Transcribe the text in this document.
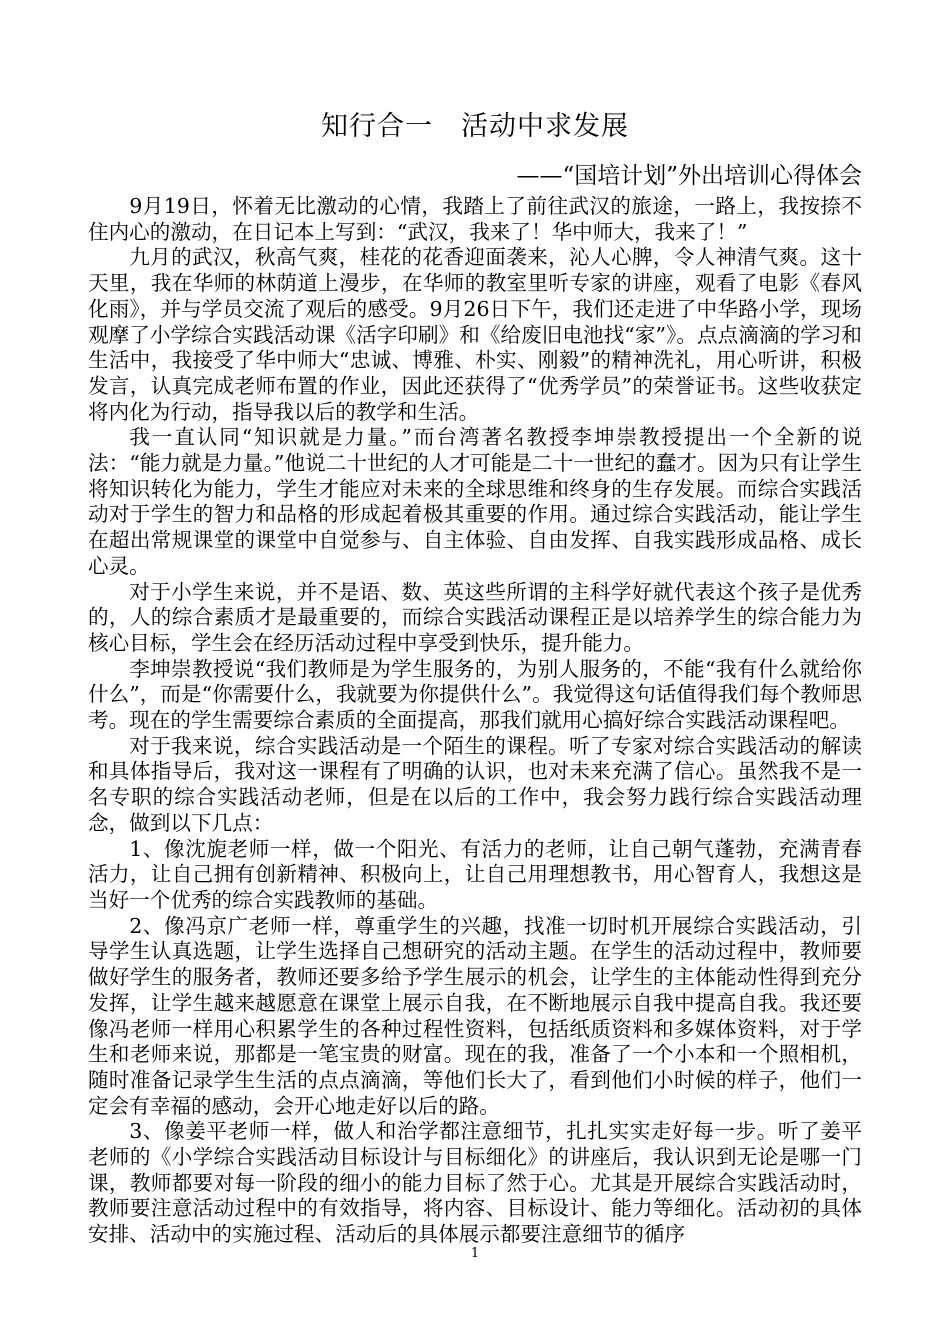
知行合一　活动中求发展
——“国培计划”外出培训心得体会

9月19日，怀着无比激动的心情，我踏上了前往武汉的旅途，一路上，我按捺不住内心的激动，在日记本上写到：“武汉，我来了！华中师大，我来了！”

九月的武汉，秋高气爽，桂花的花香迎面袭来，沁人心脾，令人神清气爽。这十天里，我在华师的林荫道上漫步，在华师的教室里听专家的讲座，观看了电影《春风化雨》，并与学员交流了观后的感受。9月26日下午，我们还走进了中华路小学，现场观摩了小学综合实践活动课《活字印刷》和《给废旧电池找“家”》。点点滴滴的学习和生活中，我接受了华中师大“忠诚、博雅、朴实、刚毅”的精神洗礼，用心听讲，积极发言，认真完成老师布置的作业，因此还获得了“优秀学员”的荣誉证书。这些收获定将内化为行动，指导我以后的教学和生活。

我一直认同“知识就是力量。”而台湾著名教授李坤崇教授提出一个全新的说法：“能力就是力量。”他说二十世纪的人才可能是二十一世纪的蠢才。因为只有让学生将知识转化为能力，学生才能应对未来的全球思维和终身的生存发展。而综合实践活动对于学生的智力和品格的形成起着极其重要的作用。通过综合实践活动，能让学生在超出常规课堂的课堂中自觉参与、自主体验、自由发挥、自我实践形成品格、成长心灵。

对于小学生来说，并不是语、数、英这些所谓的主科学好就代表这个孩子是优秀的，人的综合素质才是最重要的，而综合实践活动课程正是以培养学生的综合能力为核心目标，学生会在经历活动过程中享受到快乐，提升能力。

李坤崇教授说“我们教师是为学生服务的，为别人服务的，不能“我有什么就给你什么”，而是“你需要什么，我就要为你提供什么”。我觉得这句话值得我们每个教师思考。现在的学生需要综合素质的全面提高，那我们就用心搞好综合实践活动课程吧。

对于我来说，综合实践活动是一个陌生的课程。听了专家对综合实践活动的解读和具体指导后，我对这一课程有了明确的认识，也对未来充满了信心。虽然我不是一名专职的综合实践活动老师，但是在以后的工作中，我会努力践行综合实践活动理念，做到以下几点：

1、像沈旎老师一样，做一个阳光、有活力的老师，让自己朝气蓬勃，充满青春活力，让自己拥有创新精神、积极向上，让自己用理想教书，用心智育人，我想这是当好一个优秀的综合实践教师的基础。

2、像冯京广老师一样，尊重学生的兴趣，找准一切时机开展综合实践活动，引导学生认真选题，让学生选择自己想研究的活动主题。在学生的活动过程中，教师要做好学生的服务者，教师还要多给予学生展示的机会，让学生的主体能动性得到充分发挥，让学生越来越愿意在课堂上展示自我，在不断地展示自我中提高自我。我还要像冯老师一样用心积累学生的各种过程性资料，包括纸质资料和多媒体资料，对于学生和老师来说，那都是一笔宝贵的财富。现在的我，准备了一个小本和一个照相机，随时准备记录学生生活的点点滴滴，等他们长大了，看到他们小时候的样子，他们一定会有幸福的感动，会开心地走好以后的路。

3、像姜平老师一样，做人和治学都注意细节，扎扎实实走好每一步。听了姜平老师的《小学综合实践活动目标设计与目标细化》的讲座后，我认识到无论是哪一门课，教师都要对每一阶段的细小的能力目标了然于心。尤其是开展综合实践活动时，教师要注意活动过程中的有效指导，将内容、目标设计、能力等细化。活动初的具体安排、活动中的实施过程、活动后的具体展示都要注意细节的循序

1
